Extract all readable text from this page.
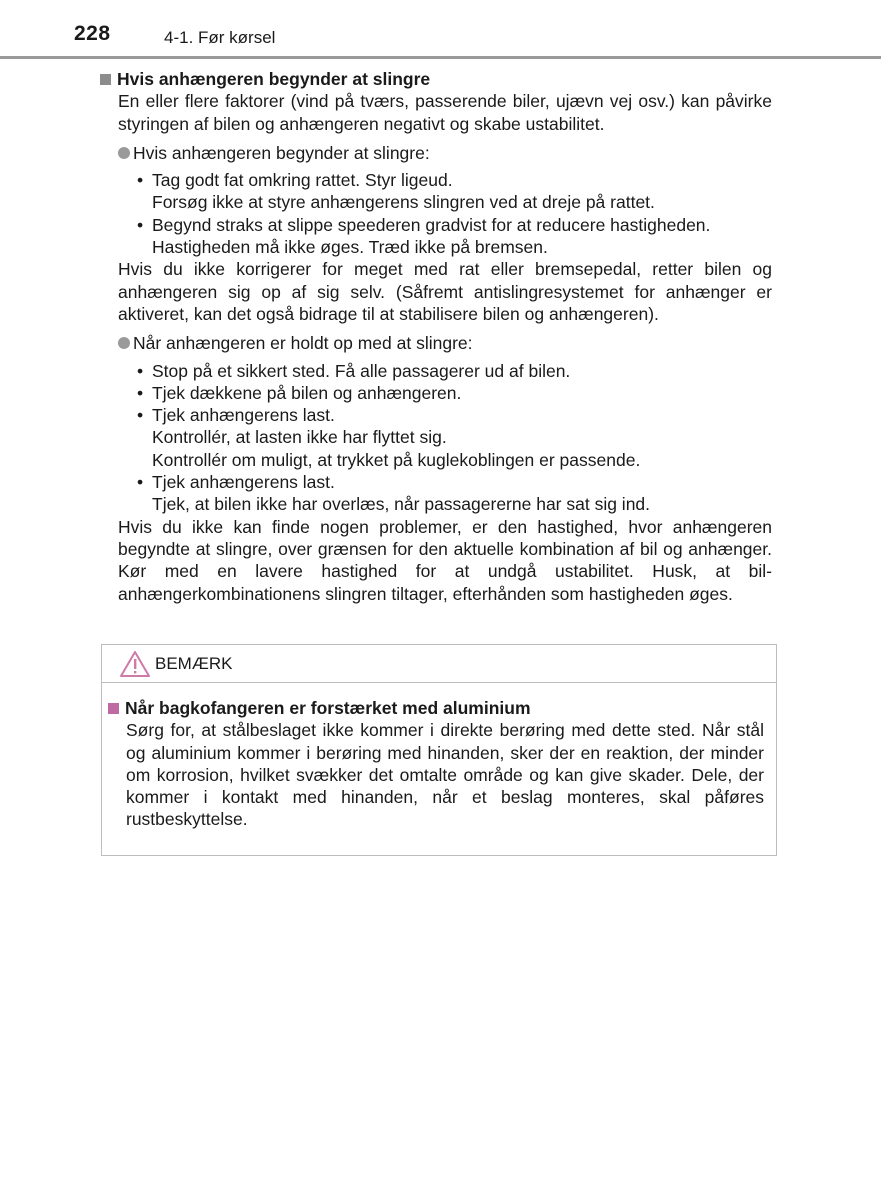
228	4-1. Før kørsel
Hvis anhængeren begynder at slingre
En eller flere faktorer (vind på tværs, passerende biler, ujævn vej osv.) kan påvirke styringen af bilen og anhængeren negativt og skabe ustabilitet.
Hvis anhængeren begynder at slingre:
• Tag godt fat omkring rattet. Styr ligeud.
Forsøg ikke at styre anhængerens slingren ved at dreje på rattet.
• Begynd straks at slippe speederen gradvist for at reducere hastigheden.
Hastigheden må ikke øges. Træd ikke på bremsen.
Hvis du ikke korrigerer for meget med rat eller bremsepedal, retter bilen og anhængeren sig op af sig selv. (Såfremt antislingresystemet for anhænger er aktiveret, kan det også bidrage til at stabilisere bilen og anhængeren).
Når anhængeren er holdt op med at slingre:
• Stop på et sikkert sted. Få alle passagerer ud af bilen.
• Tjek dækkene på bilen og anhængeren.
• Tjek anhængerens last.
Kontrollér, at lasten ikke har flyttet sig.
Kontrollér om muligt, at trykket på kuglekoblingen er passende.
• Tjek anhængerens last.
Tjek, at bilen ikke har overlæs, når passagererne har sat sig ind.
Hvis du ikke kan finde nogen problemer, er den hastighed, hvor anhængeren begyndte at slingre, over grænsen for den aktuelle kombination af bil og anhænger. Kør med en lavere hastighed for at undgå ustabilitet. Husk, at bil-anhængerkombinationens slingren tiltager, efterhånden som hastigheden øges.
BEMÆRK
Når bagkofangeren er forstærket med aluminium
Sørg for, at stålbeslaget ikke kommer i direkte berøring med dette sted. Når stål og aluminium kommer i berøring med hinanden, sker der en reaktion, der minder om korrosion, hvilket svækker det omtalte område og kan give skader. Dele, der kommer i kontakt med hinanden, når et beslag monteres, skal påføres rustbeskyttelse.
